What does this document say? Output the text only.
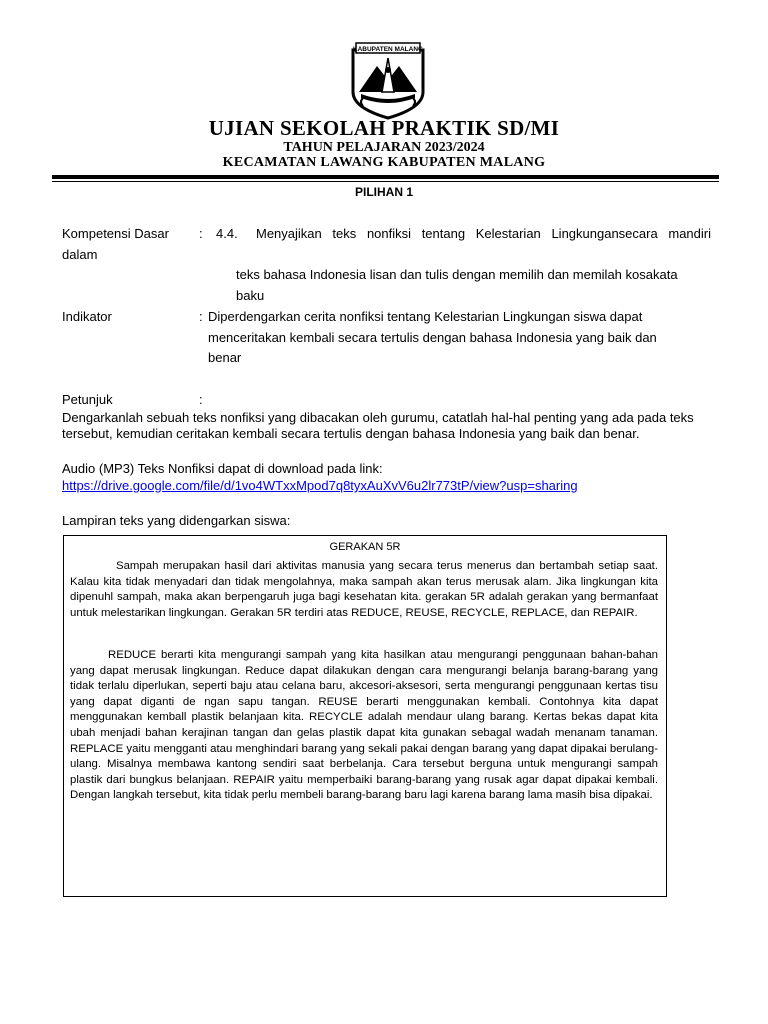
KABUPATEN MALANG
UJIAN SEKOLAH PRAKTIK SD/MI
TAHUN PELAJARAN 2023/2024
KECAMATAN LAWANG KABUPATEN MALANG
PILIHAN 1
Kompetensi Dasar : 4.4. Menyajikan teks nonfiksi tentang Kelestarian Lingkungansecara mandiri
dalam
teks bahasa Indonesia lisan dan tulis dengan memilih dan memilah kosakata
baku
Indikator	: Diperdengarkan cerita nonfiksi tentang Kelestarian Lingkungan siswa dapat
menceritakan kembali secara tertulis dengan bahasa Indonesia yang baik dan
benar
Petunjuk	:
Dengarkanlah sebuah teks nonfiksi yang dibacakan oleh gurumu, catatlah hal-hal penting yang ada pada teks tersebut, kemudian ceritakan kembali secara tertulis dengan bahasa Indonesia yang baik dan benar.
Audio (MP3) Teks Nonfiksi dapat di download pada link:
https://drive.google.com/file/d/1vo4WTxxMpod7q8tyxAuXvV6u2lr773tP/view?usp=sharing
Lampiran teks yang didengarkan siswa:
GERAKAN 5R
Sampah merupakan hasil dari aktivitas manusia yang secara terus menerus dan bertambah setiap saat. Kalau kita tidak menyadari dan tidak mengolahnya, maka sampah akan terus merusak alam. Jika lingkungan kita dipenuhl sampah, maka akan berpengaruh juga bagi kesehatan kita. gerakan 5R adalah gerakan yang bermanfaat untuk melestarikan lingkungan. Gerakan 5R terdiri atas REDUCE, REUSE, RECYCLE, REPLACE, dan REPAIR.
REDUCE berarti kita mengurangi sampah yang kita hasilkan atau mengurangi penggunaan bahan-bahan yang dapat merusak lingkungan. Reduce dapat dilakukan dengan cara mengurangi belanja barang-barang yang tidak terlalu diperlukan, seperti baju atau celana baru, akcesori-aksesori, serta mengurangi penggunaan kertas tisu yang dapat diganti de ngan sapu tangan. REUSE berarti menggunakan kembali. Contohnya kita dapat menggunakan kemball plastik belanjaan kita. RECYCLE adalah mendaur ulang barang. Kertas bekas dapat kita ubah menjadi bahan kerajinan tangan dan gelas plastik dapat kita gunakan sebagal wadah menanam tanaman. REPLACE yaitu mengganti atau menghindari barang yang sekali pakai dengan barang yang dapat dipakai berulang-ulang. Misalnya membawa kantong sendiri saat berbelanja. Cara tersebut berguna untuk mengurangi sampah plastik dari bungkus belanjaan. REPAIR yaitu memperbaiki barang-barang yang rusak agar dapat dipakai kembali. Dengan langkah tersebut, kita tidak perlu membeli barang-barang baru lagi karena barang lama masih bisa dipakai.
